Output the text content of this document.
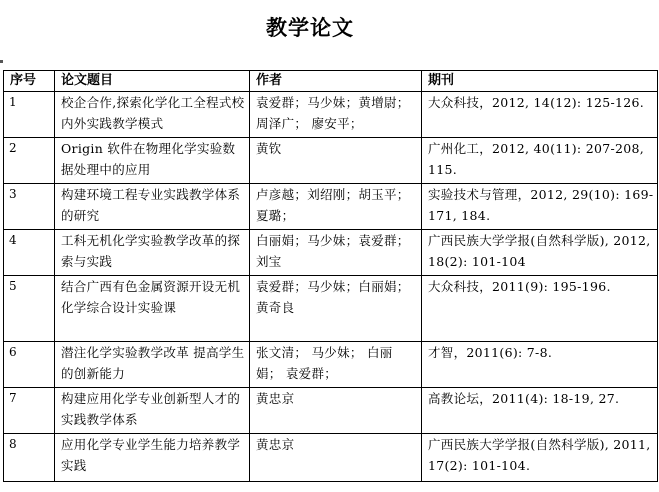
教学论文
序号	论文题目	作者	期刊
1	校企合作,探索化学化工全程式校内外实践教学模式	袁爱群；马少妹；黄增尉； 周泽广； 廖安平；	大众科技，2012, 14(12): 125-126.
2	Origin 软件在物理化学实验数据处理中的应用	黄钦	广州化工，2012, 40(11): 207-208, 115.
3	构建环境工程专业实践教学体系的研究	卢彦越；刘绍刚；胡玉平；夏璐；	实验技术与管理，2012, 29(10): 169-171, 184.
4	工科无机化学实验教学改革的探索与实践	白丽娟；马少妹；袁爱群； 刘宝	广西民族大学学报(自然科学版), 2012, 18(2): 101-104
5	结合广西有色金属资源开设无机化学综合设计实验课	袁爱群；马少妹；白丽娟； 黄奇良	大众科技，2011(9): 195-196.
6	潜注化学实验教学改革 提高学生的创新能力	张文清； 马少妹； 白丽娟； 袁爱群；	才智，2011(6): 7-8.
7	构建应用化学专业创新型人才的实践教学体系	黄忠京	高教论坛，2011(4): 18-19, 27.
8	应用化学专业学生能力培养教学实践	黄忠京	广西民族大学学报(自然科学版), 2011, 17(2): 101-104.
